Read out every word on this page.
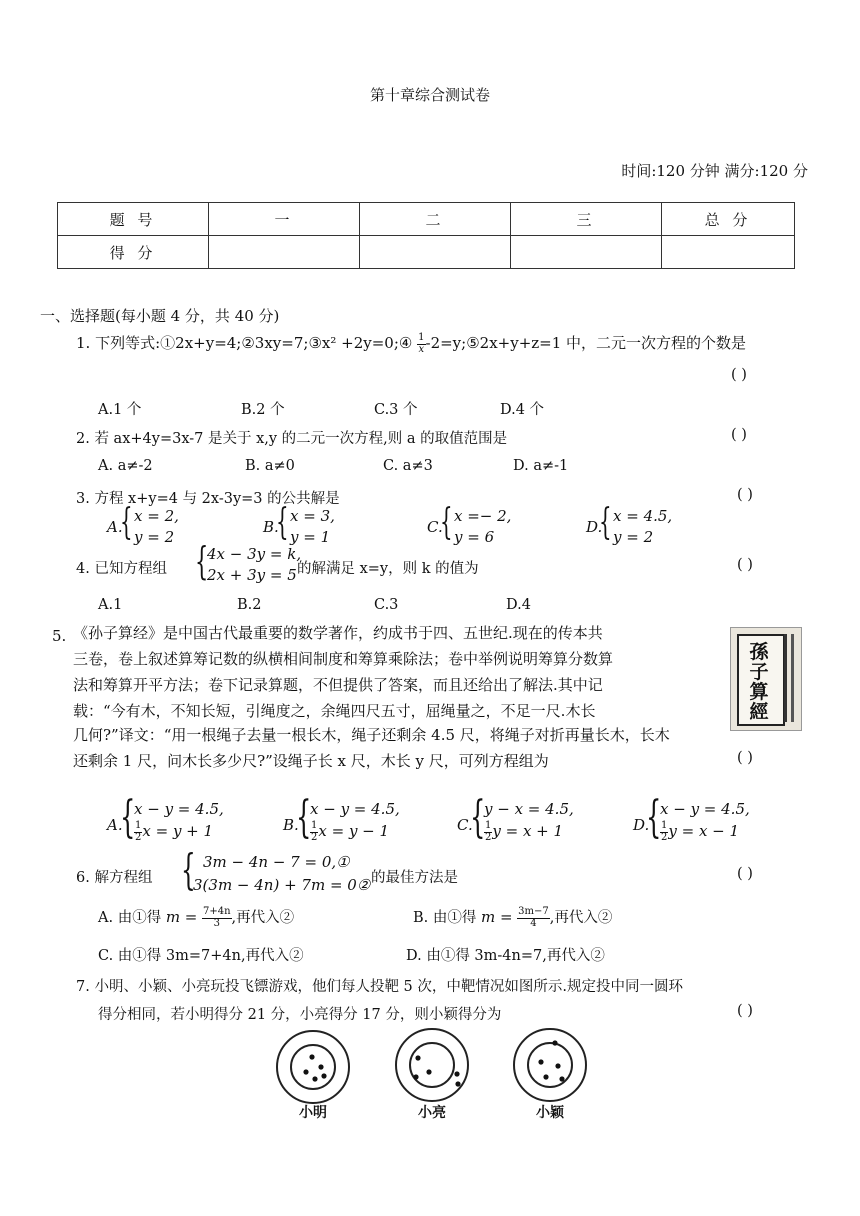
第十章综合测试卷
时间:120 分钟 满分:120 分
题 号	一	二	三	总 分
得 分				
一、选择题(每小题 4 分，共 40 分)
1. 下列等式:①2x+y=4;②3xy=7;③x² +2y=0;④ $\frac{1}{x}$ -2=y;⑤2x+y+z=1 中，二元一次方程的个数是
( )
A.1 个	B.2 个	C.3 个	D.4 个
2. 若 ax+4y=3x-7 是关于 x,y 的二元一次方程,则 a 的取值范围是	( )
A. a≠-2	B. a≠0	C. a≠3	D. a≠-1
3. 方程 x+y=4 与 2x-3y=3 的公共解是	( )
A.
{ x = 2,
y = 2
B.
{ x = 3,
y = 1
C.
{ x =− 2,
y = 6
D.
{ x = 4.5,
y = 2
4. 已知方程组 {
4x − 3y = k,
2x + 3y = 5 的解满足 x=y，则 k 的值为	( )
A.1	B.2	C.3	D.4
5. 《孙子算经》是中国古代最重要的数学著作，约成书于四、五世纪.现在的传本共
三卷，卷上叙述算筹记数的纵横相间制度和筹算乘除法；卷中举例说明筹算分数算
法和筹算开平方法；卷下记录算题，不但提供了答案，而且还给出了解法.其中记
载：“今有木，不知长短，引绳度之，余绳四尺五寸，屈绳量之，不足一尺.木长
几何?”译文：“用一根绳子去量一根长木，绳子还剩余 4.5 尺，将绳子对折再量长木，长木
还剩余 1 尺，问木长多少尺?”设绳子长 x 尺，木长 y 尺，可列方程组为	( )
孫子算經
A.
{
x − y = 4.5,
$\frac{1}{2}$ x = y + 1	B.
{
x − y = 4.5,
$\frac{1}{2}$ x = y − 1	C.
{
y − x = 4.5,
$\frac{1}{2}$ y = x + 1	D.
{
x − y = 4.5,
$\frac{1}{2}$ y = x − 1
6. 解方程组 { 3m − 4n − 7 = 0,①
3(3m − 4n) + 7m = 0② 的最佳方法是	( )
A. 由①得 $m = \frac{7+4n}{3}$ ,再代入②	B. 由①得 $m = \frac{3m-7}{4}$ ,再代入②
C. 由①得 3m=7+4n,再代入②	D. 由①得 3m-4n=7,再代入②
7. 小明、小颖、小亮玩投飞镖游戏，他们每人投靶 5 次，中靶情况如图所示.规定投中同一圆环
得分相同，若小明得分 21 分，小亮得分 17 分，则小颖得分为	( )
小明	小亮	小颖
